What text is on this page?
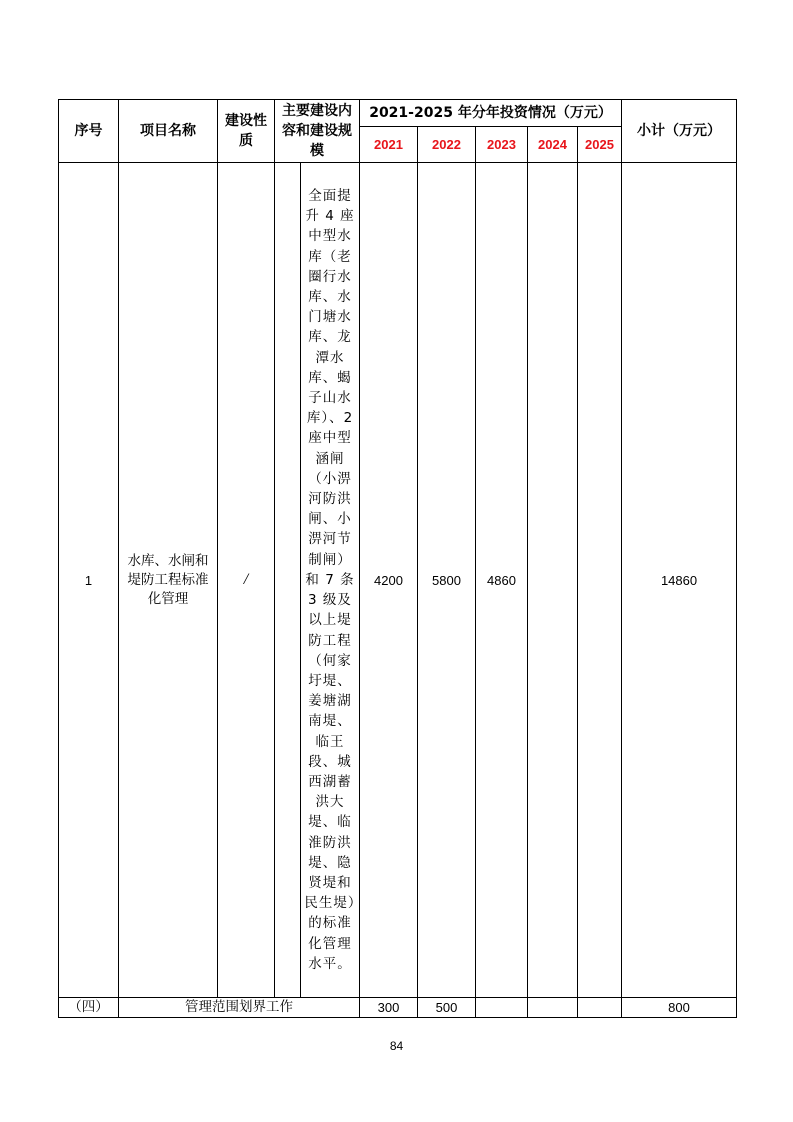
序号	项目名称	建设性质	主要建设内容和建设规模		2021-2025 年分年投资情况（万元）					小计（万元）
					2021	2022	2023	2024	2025	
1	水库、水闸和堤防工程标准化管理	/		全面提升 4 座中型水库（老圈行水库、水门塘水库、龙潭水库、蝎子山水库）、2 座中型涵闸（小淠河防洪闸、小淠河节制闸）和 7 条 3 级及以上堤防工程（何家圩堤、姜塘湖南堤、临王段、城西湖蓄洪大堤、临淮防洪堤、隐贤堤和民生堤）的标准化管理水平。	4200	5800	4860			14860
（四）	管理范围划界工作				300	500				800
84
